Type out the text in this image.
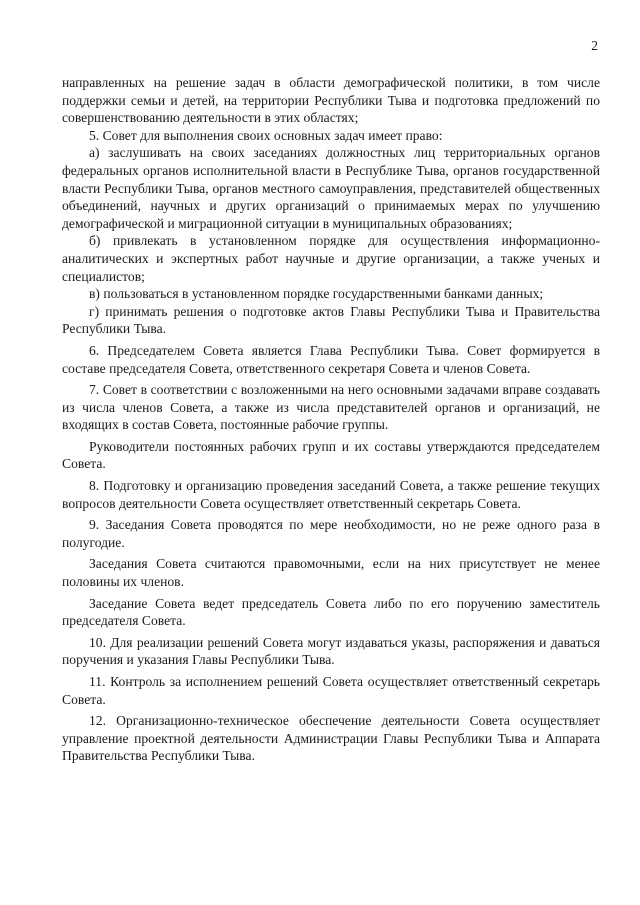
2

направленных на решение задач в области демографической политики, в том числе поддержки семьи и детей, на территории Республики Тыва и подготовка предложений по совершенствованию деятельности в этих областях;

5. Совет для выполнения своих основных задач имеет право:

а) заслушивать на своих заседаниях должностных лиц территориальных органов федеральных органов исполнительной власти в Республике Тыва, органов государственной власти Республики Тыва, органов местного самоуправления, представителей общественных объединений, научных и других организаций о принимаемых мерах по улучшению демографической и миграционной ситуации в муниципальных образованиях;

б) привлекать в установленном порядке для осуществления информационно-аналитических и экспертных работ научные и другие организации, а также ученых и специалистов;

в) пользоваться в установленном порядке государственными банками данных;

г) принимать решения о подготовке актов Главы Республики Тыва и Правительства Республики Тыва.

6. Председателем Совета является Глава Республики Тыва. Совет формируется в составе председателя Совета, ответственного секретаря Совета и членов Совета.

7. Совет в соответствии с возложенными на него основными задачами вправе создавать из числа членов Совета, а также из числа представителей органов и организаций, не входящих в состав Совета, постоянные рабочие группы.

Руководители постоянных рабочих групп и их составы утверждаются председателем Совета.

8. Подготовку и организацию проведения заседаний Совета, а также решение текущих вопросов деятельности Совета осуществляет ответственный секретарь Совета.

9. Заседания Совета проводятся по мере необходимости, но не реже одного раза в полугодие.

Заседания Совета считаются правомочными, если на них присутствует не менее половины их членов.

Заседание Совета ведет председатель Совета либо по его поручению заместитель председателя Совета.

10. Для реализации решений Совета могут издаваться указы, распоряжения и даваться поручения и указания Главы Республики Тыва.

11. Контроль за исполнением решений Совета осуществляет ответственный секретарь Совета.

12. Организационно-техническое обеспечение деятельности Совета осуществляет управление проектной деятельности Администрации Главы Республики Тыва и Аппарата Правительства Республики Тыва.
